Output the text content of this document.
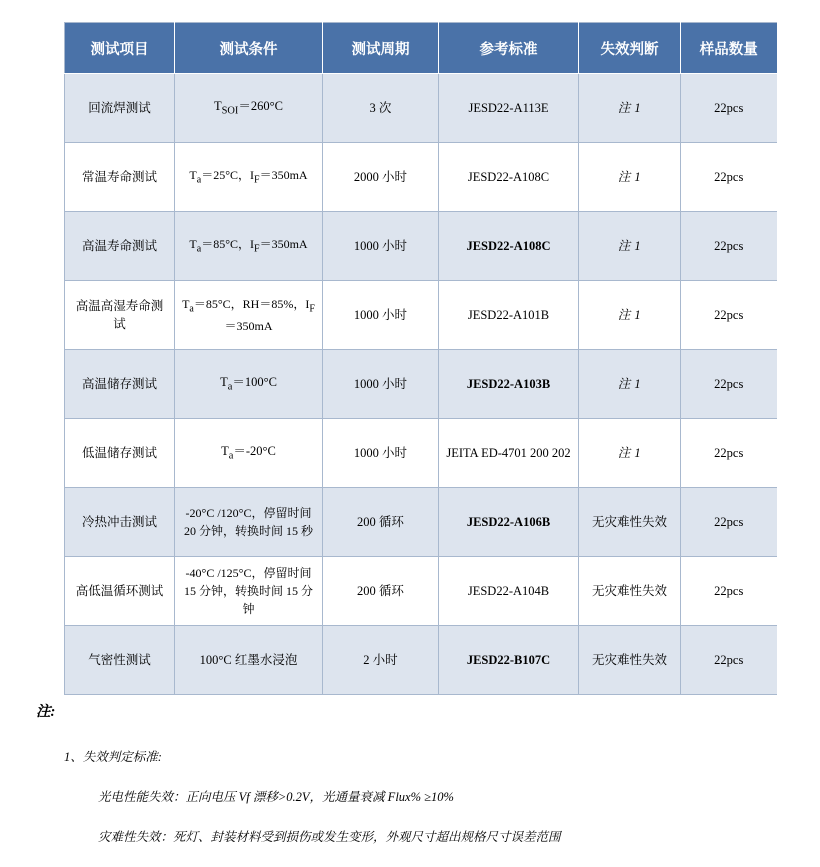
测试项目	测试条件	测试周期	参考标准	失效判断	样品数量
回流焊测试	$T_{SOI}=260^\circ C$	3 次	JESD22-A113E	注 1	22pcs
常温寿命测试	$T_a=25^\circ C$，$I_F=350mA$	2000 小时	JESD22-A108C	注 1	22pcs
高温寿命测试	$T_a=85^\circ C$，$I_F=350mA$	1000 小时	JESD22-A108C	注 1	22pcs
高温高湿寿命测试	$T_a=85^\circ C$，RH＝85%，$I_F=350mA$	1000 小时	JESD22-A101B	注 1	22pcs
高温储存测试	$T_a=100^\circ C$	1000 小时	JESD22-A103B	注 1	22pcs
低温储存测试	$T_a=-20^\circ C$	1000 小时	JEITA ED-4701 200 202	注 1	22pcs
冷热冲击测试	-20°C /120°C，停留时间 20 分钟，转换时间 15 秒	200 循环	JESD22-A106B	无灾难性失效	22pcs
高低温循环测试	-40°C /125°C，停留时间 15 分钟，转换时间 15 分钟	200 循环	JESD22-A104B	无灾难性失效	22pcs
气密性测试	100°C 红墨水浸泡	2 小时	JESD22-B107C	无灾难性失效	22pcs
注:
1、失效判定标准:
光电性能失效：正向电压 Vf 漂移>0.2V，光通量衰减 Flux% ≥10%
灾难性失效：死灯、封装材料受到损伤或发生变形，外观尺寸超出规格尺寸误差范围
